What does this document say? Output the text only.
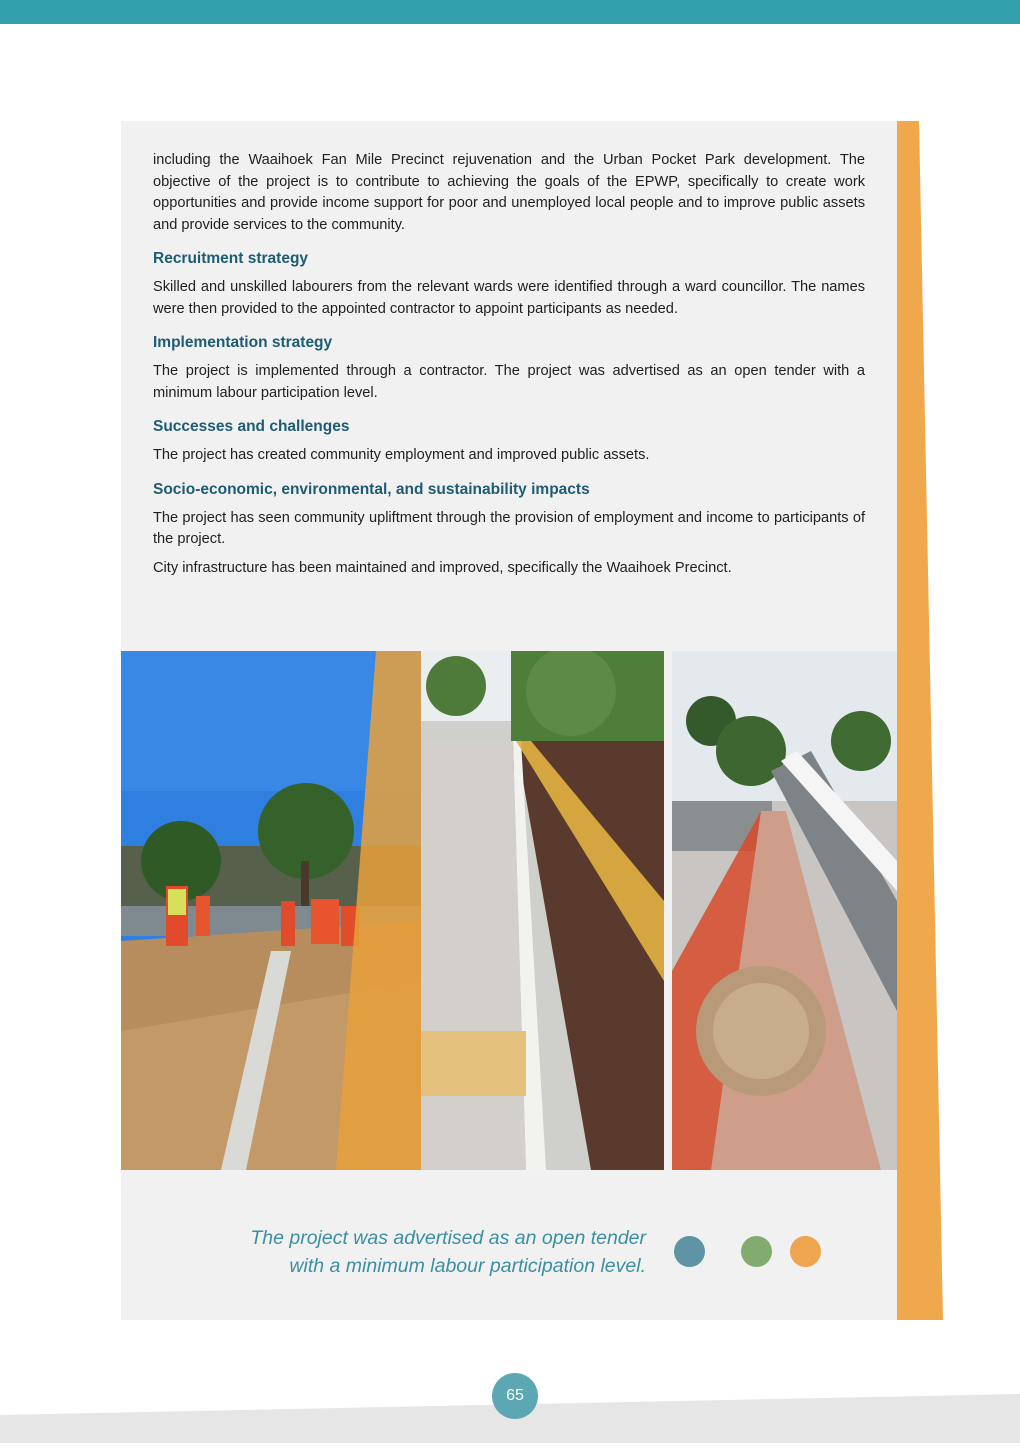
including the Waaihoek Fan Mile Precinct rejuvenation and the Urban Pocket Park development. The objective of the project is to contribute to achieving the goals of the EPWP, specifically to create work opportunities and provide income support for poor and unemployed local people and to improve public assets and provide services to the community.

Recruitment strategy

Skilled and unskilled labourers from the relevant wards were identified through a ward councillor. The names were then provided to the appointed contractor to appoint participants as needed.

Implementation strategy

The project is implemented through a contractor. The project was advertised as an open tender with a minimum labour participation level.

Successes and challenges

The project has created community employment and improved public assets.

Socio-economic, environmental, and sustainability impacts

The project has seen community upliftment through the provision of employment and income to participants of the project.

City infrastructure has been maintained and improved, specifically the Waaihoek Precinct.

The project was advertised as an open tender
with a minimum labour participation level.
65
